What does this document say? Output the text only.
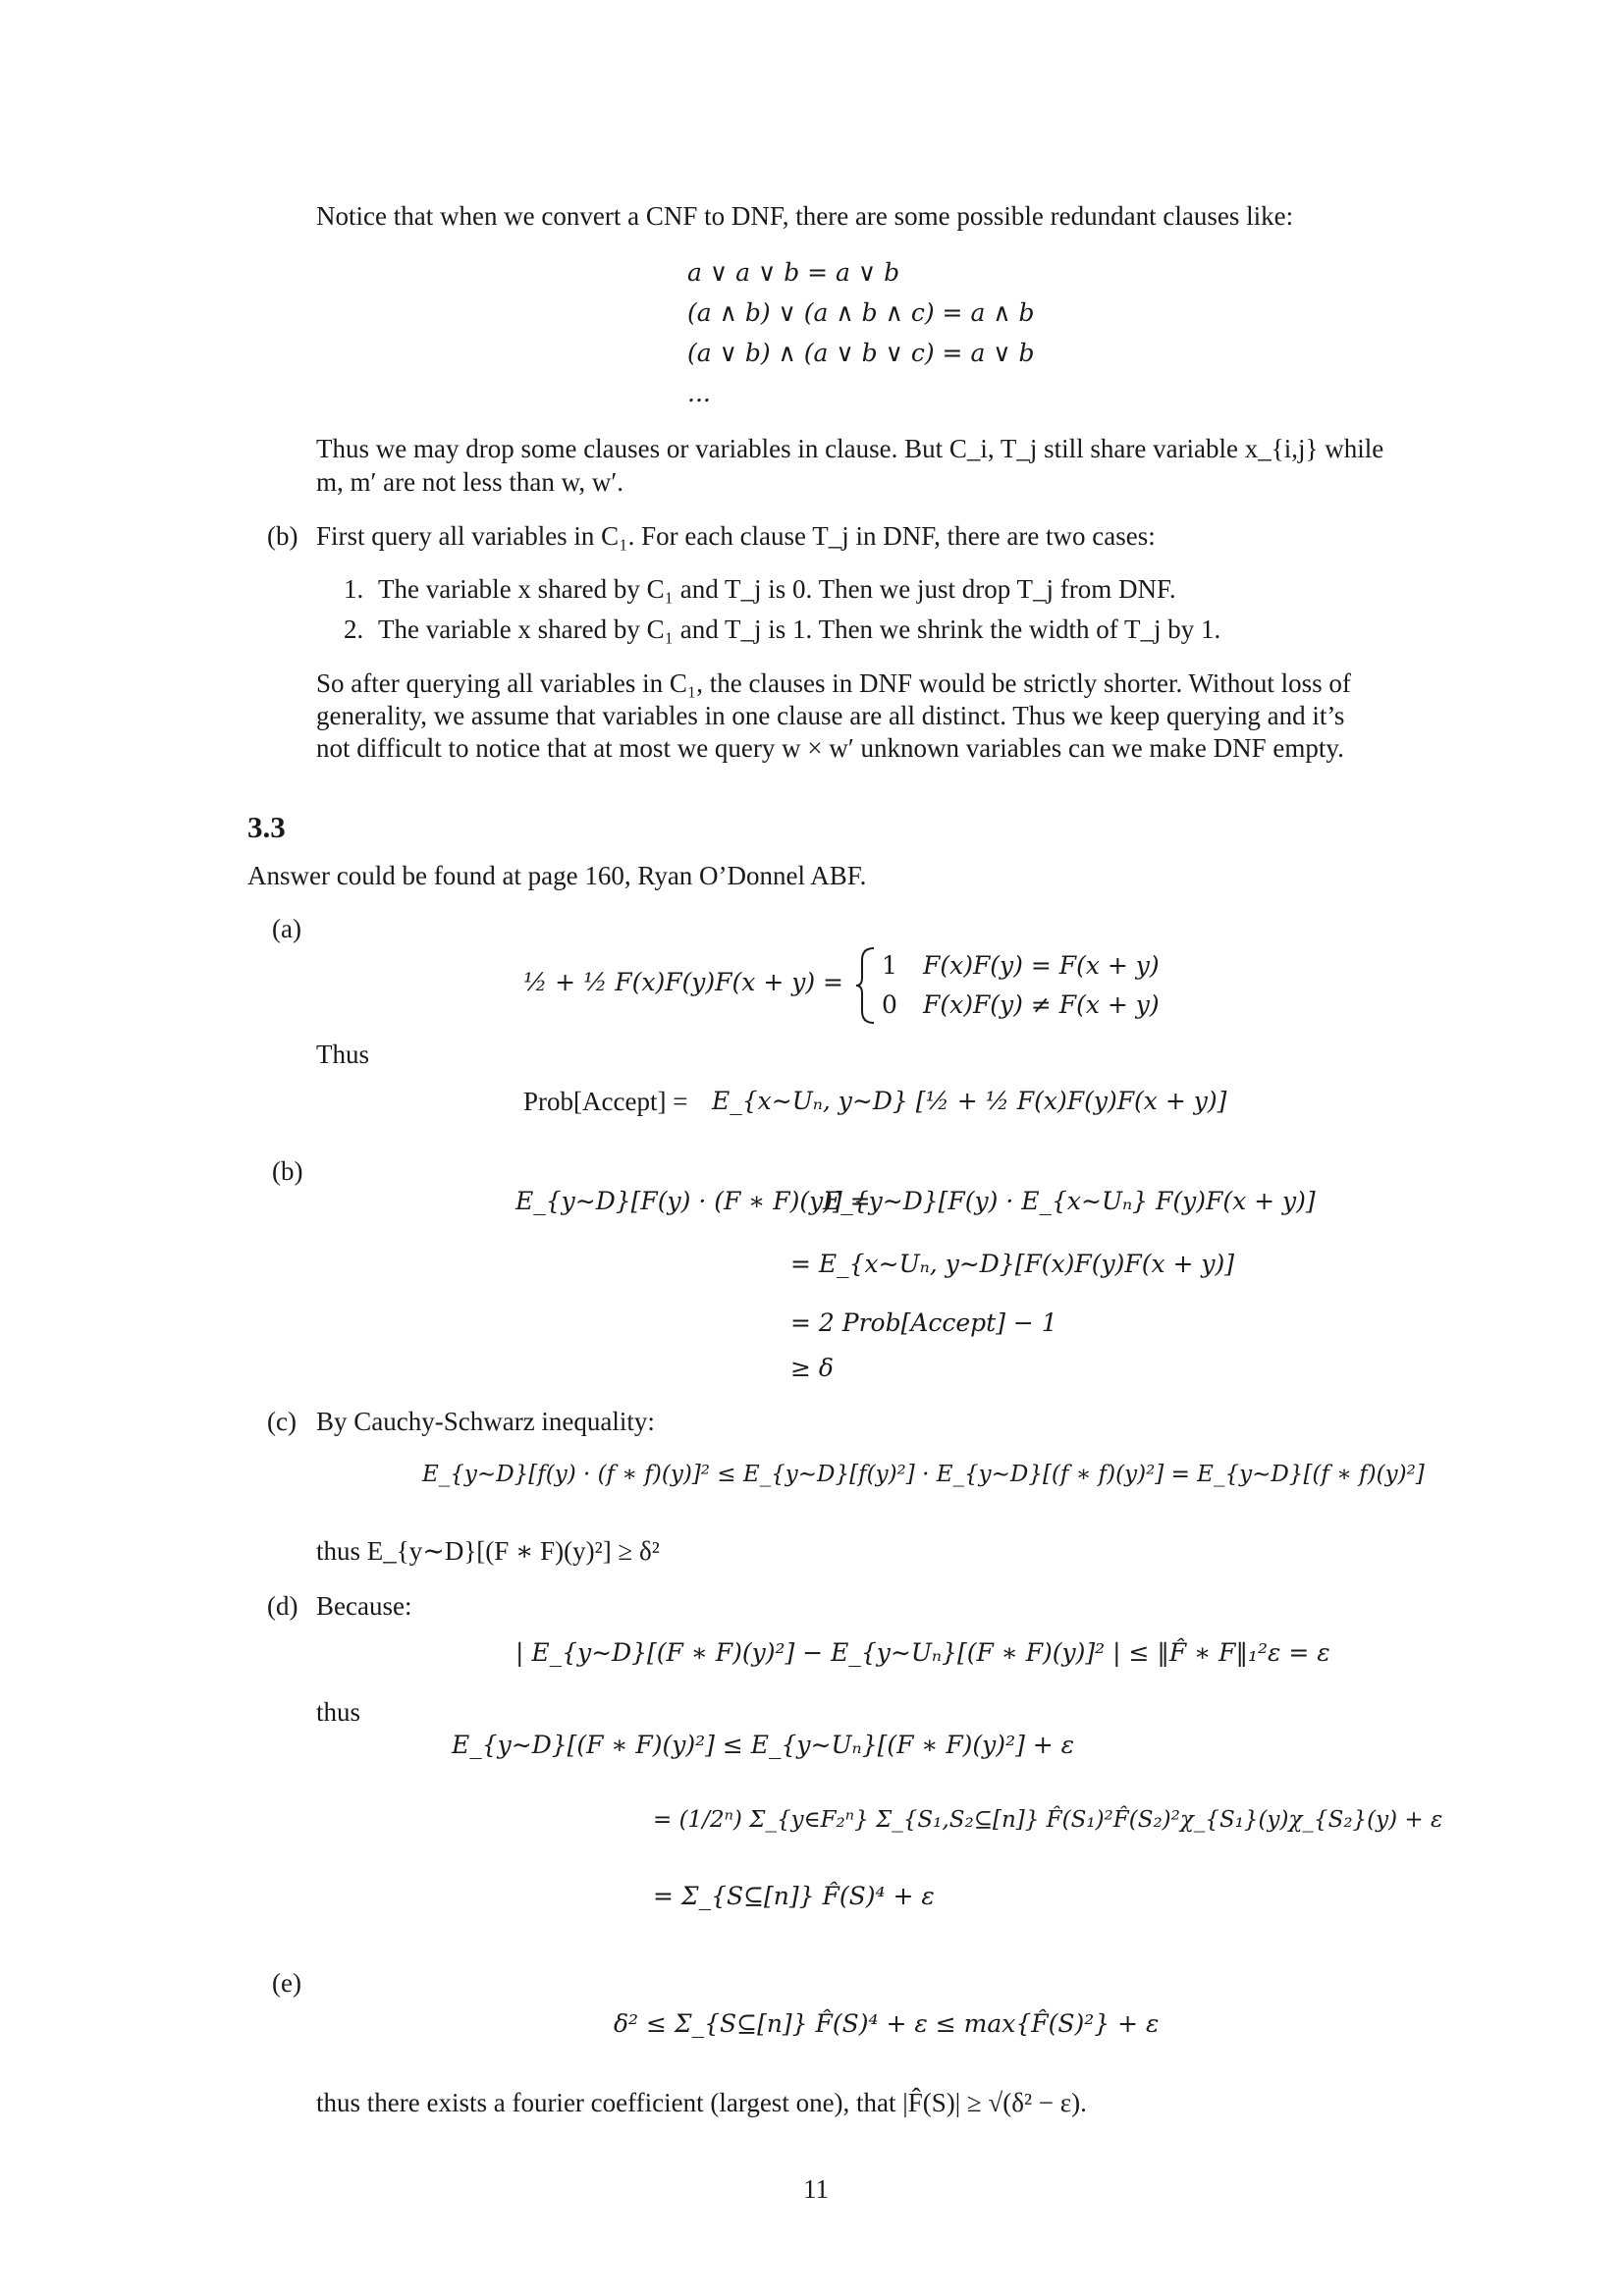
Notice that when we convert a CNF to DNF, there are some possible redundant clauses like:
a ∨ a ∨ b = a ∨ b
(a ∧ b) ∨ (a ∧ b ∧ c) = a ∧ b
(a ∨ b) ∧ (a ∨ b ∨ c) = a ∨ b
...
Thus we may drop some clauses or variables in clause. But C_i, T_j still share variable x_{i,j} while
m, m′ are not less than w, w′.
(b) First query all variables in C₁. For each clause T_j in DNF, there are two cases:
1. The variable x shared by C₁ and T_j is 0. Then we just drop T_j from DNF.
2. The variable x shared by C₁ and T_j is 1. Then we shrink the width of T_j by 1.
So after querying all variables in C₁, the clauses in DNF would be strictly shorter. Without loss of
generality, we assume that variables in one clause are all distinct. Thus we keep querying and it’s
not difficult to notice that at most we query w × w′ unknown variables can we make DNF empty.
3.3
Answer could be found at page 160, Ryan O’Donnel ABF.
(a)
½ + ½ F(x)F(y)F(x + y) =
1 F(x)F(y) = F(x + y)
0 F(x)F(y) ≠ F(x + y)
Thus
Prob[Accept] = E_{x∼Uₙ, y∼D} [½ + ½ F(x)F(y)F(x + y)]
(b)
E_{y∼D}[F(y) · (F ∗ F)(y)] =
E_{y∼D}[F(y) · E_{x∼Uₙ} F(y)F(x + y)]
= E_{x∼Uₙ, y∼D}[F(x)F(y)F(x + y)]
= 2 Prob[Accept] − 1
≥ δ
(c) By Cauchy-Schwarz inequality:
E_{y∼D}[f(y) · (f ∗ f)(y)]² ≤ E_{y∼D}[f(y)²] · E_{y∼D}[(f ∗ f)(y)²] = E_{y∼D}[(f ∗ f)(y)²]
thus E_{y∼D}[(F ∗ F)(y)²] ≥ δ²
(d) Because:
| E_{y∼D}[(F ∗ F)(y)²] − E_{y∼Uₙ}[(F ∗ F)(y)]² | ≤ ‖F̂ ∗ F‖₁²ε = ε
thus
E_{y∼D}[(F ∗ F)(y)²] ≤ E_{y∼Uₙ}[(F ∗ F)(y)²] + ε
= (1/2ⁿ) Σ_{y∈F₂ⁿ} Σ_{S₁,S₂⊆[n]} F̂(S₁)²F̂(S₂)²χ_{S₁}(y)χ_{S₂}(y) + ε
= Σ_{S⊆[n]} F̂(S)⁴ + ε
(e)
δ² ≤ Σ_{S⊆[n]} F̂(S)⁴ + ε ≤ max{F̂(S)²} + ε
thus there exists a fourier coefficient (largest one), that |F̂(S)| ≥ √(δ² − ε).
11
